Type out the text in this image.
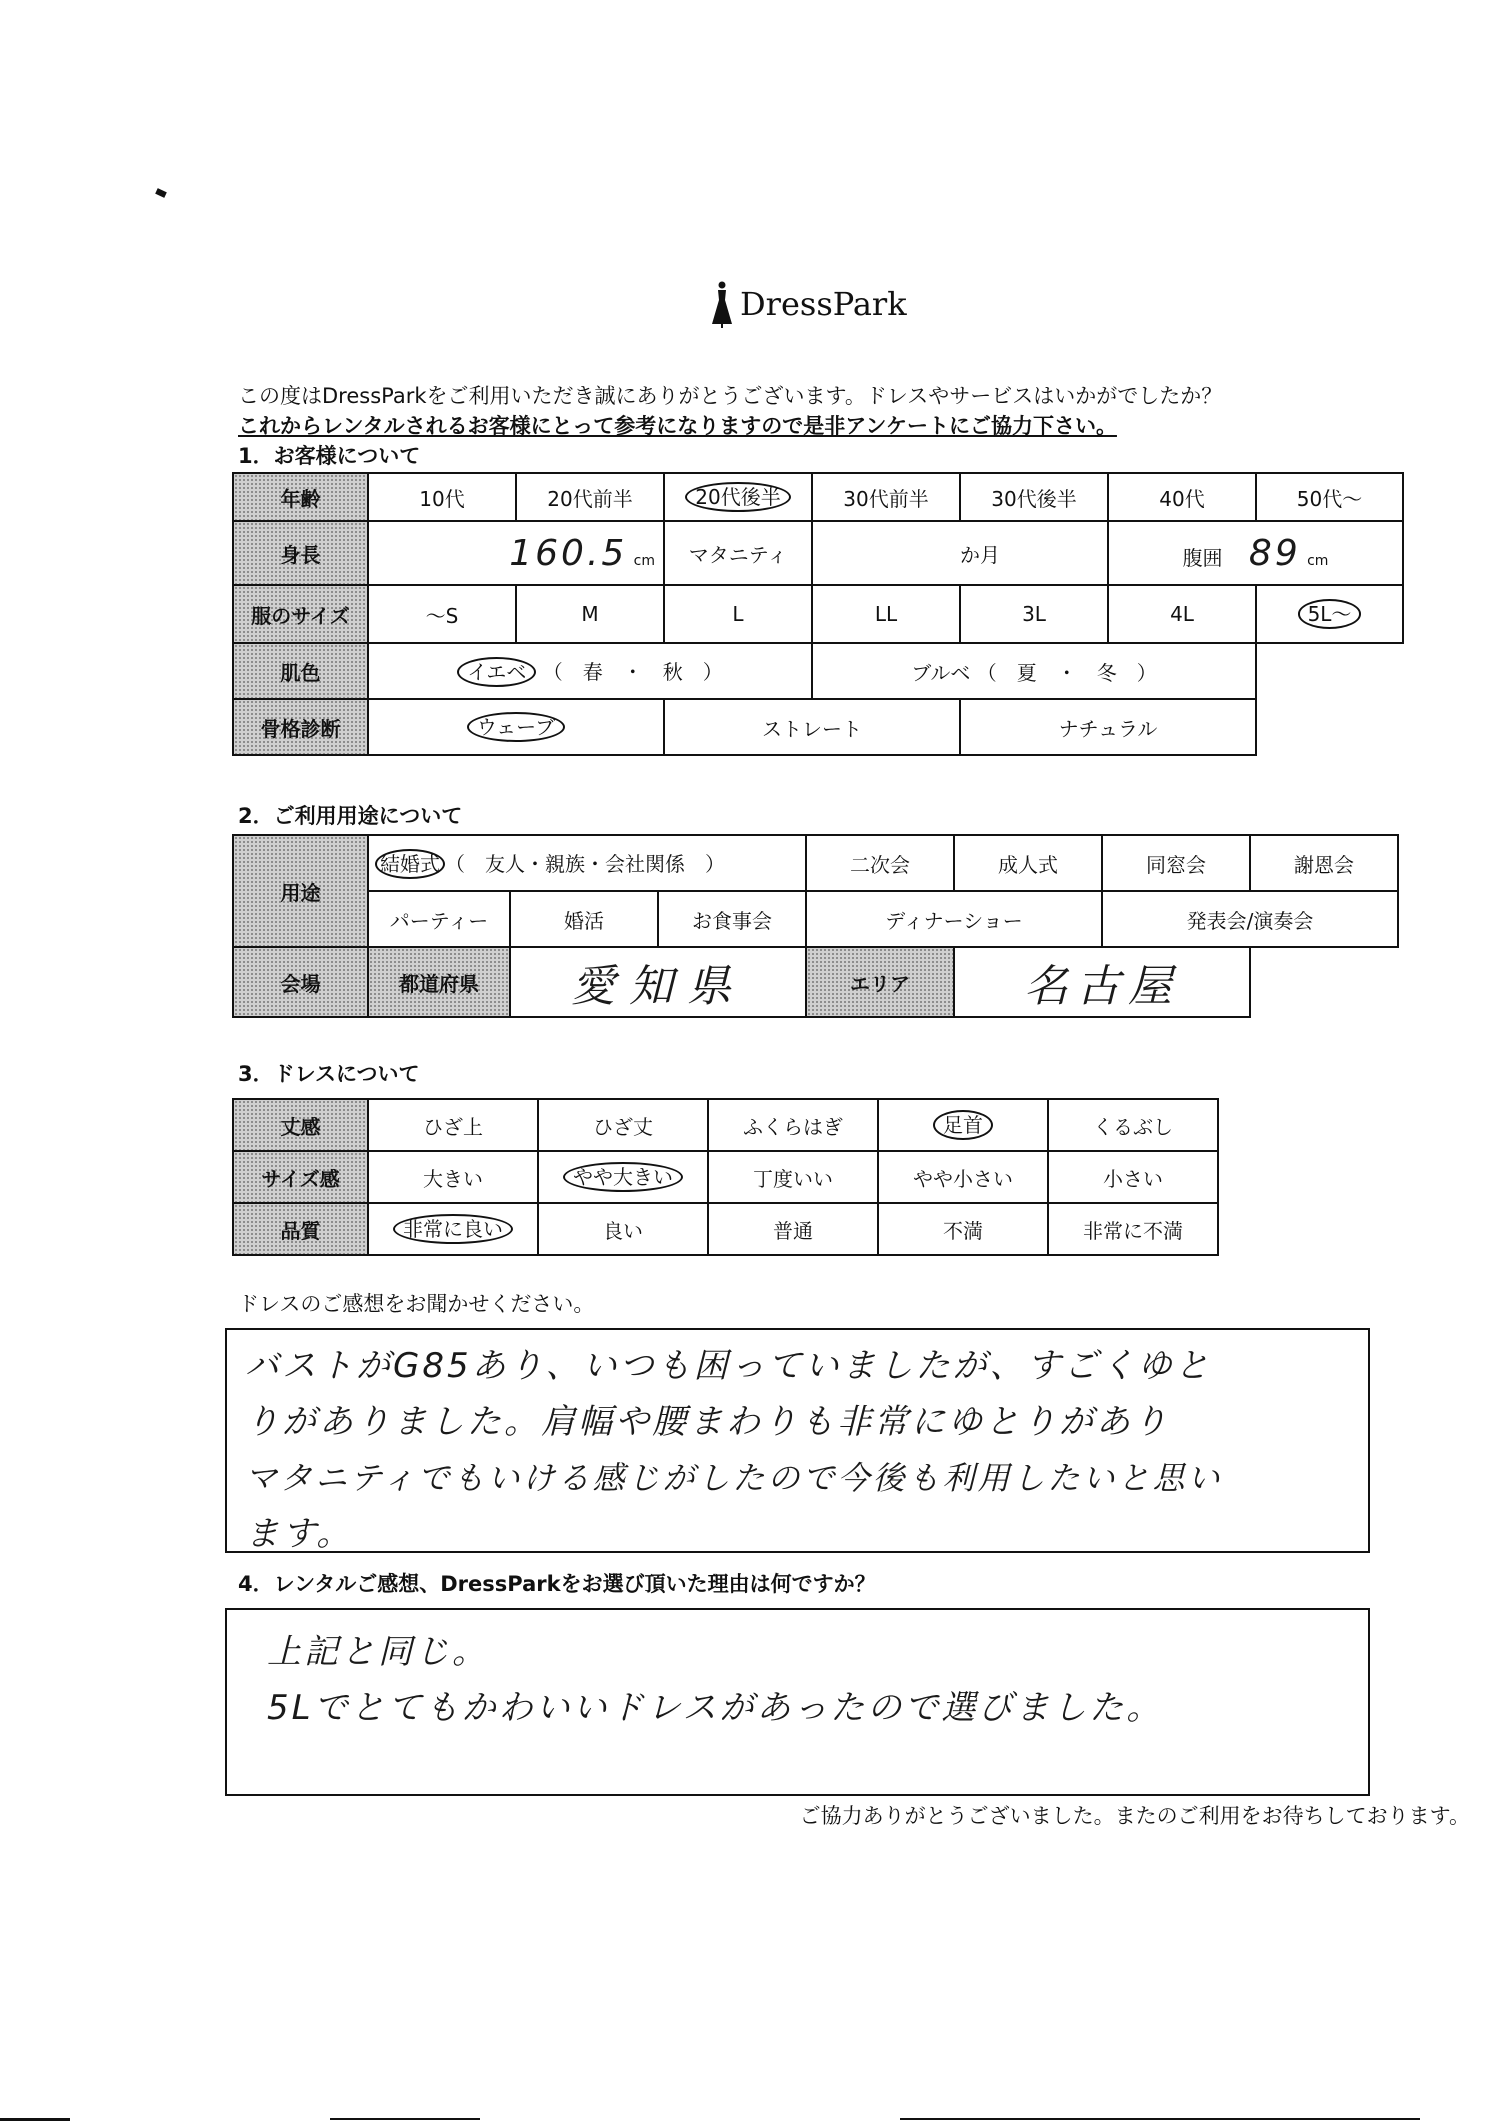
DressPark
この度はDressParkをご利用いただき誠にありがとうございます。ドレスやサービスはいかがでしたか？
これからレンタルされるお客様にとって参考になりますので是非アンケートにご協力下さい。
1．お客様について
年齢	10代	20代前半	20代後半	30代前半	30代後半	40代	50代～
身長	160.5 cm		マタニティ	か月		腹囲 89 cm	
服のサイズ	～S	M	L	LL	3L	4L	5L～
肌色	イエベ （　春　・　秋　）			ブルベ （　夏　・　冬　）			
骨格診断	ウェーブ		ストレート		ナチュラル		
2．ご利用用途について
用途	結婚式 （　友人・親族・会社関係　）			二次会	成人式	同窓会	謝恩会
	パーティー	婚活	お食事会	ディナーショー		発表会/演奏会	
会場	都道府県	愛知県		エリア	名古屋		
3．ドレスについて
丈感	ひざ上	ひざ丈	ふくらはぎ	足首	くるぶし
サイズ感	大きい	やや大きい	丁度いい	やや小さい	小さい
品質	非常に良い	良い	普通	不満	非常に不満
ドレスのご感想をお聞かせください。
バストがG85あり、いつも困っていましたが、すごくゆと
りがありました。肩幅や腰まわりも非常にゆとりがあり
マタニティでもいける感じがしたので今後も利用したいと思い
ます。
4．レンタルご感想、DressParkをお選び頂いた理由は何ですか？
上記と同じ。
5Lでとてもかわいいドレスがあったので選びました。
ご協力ありがとうございました。またのご利用をお待ちしております。
